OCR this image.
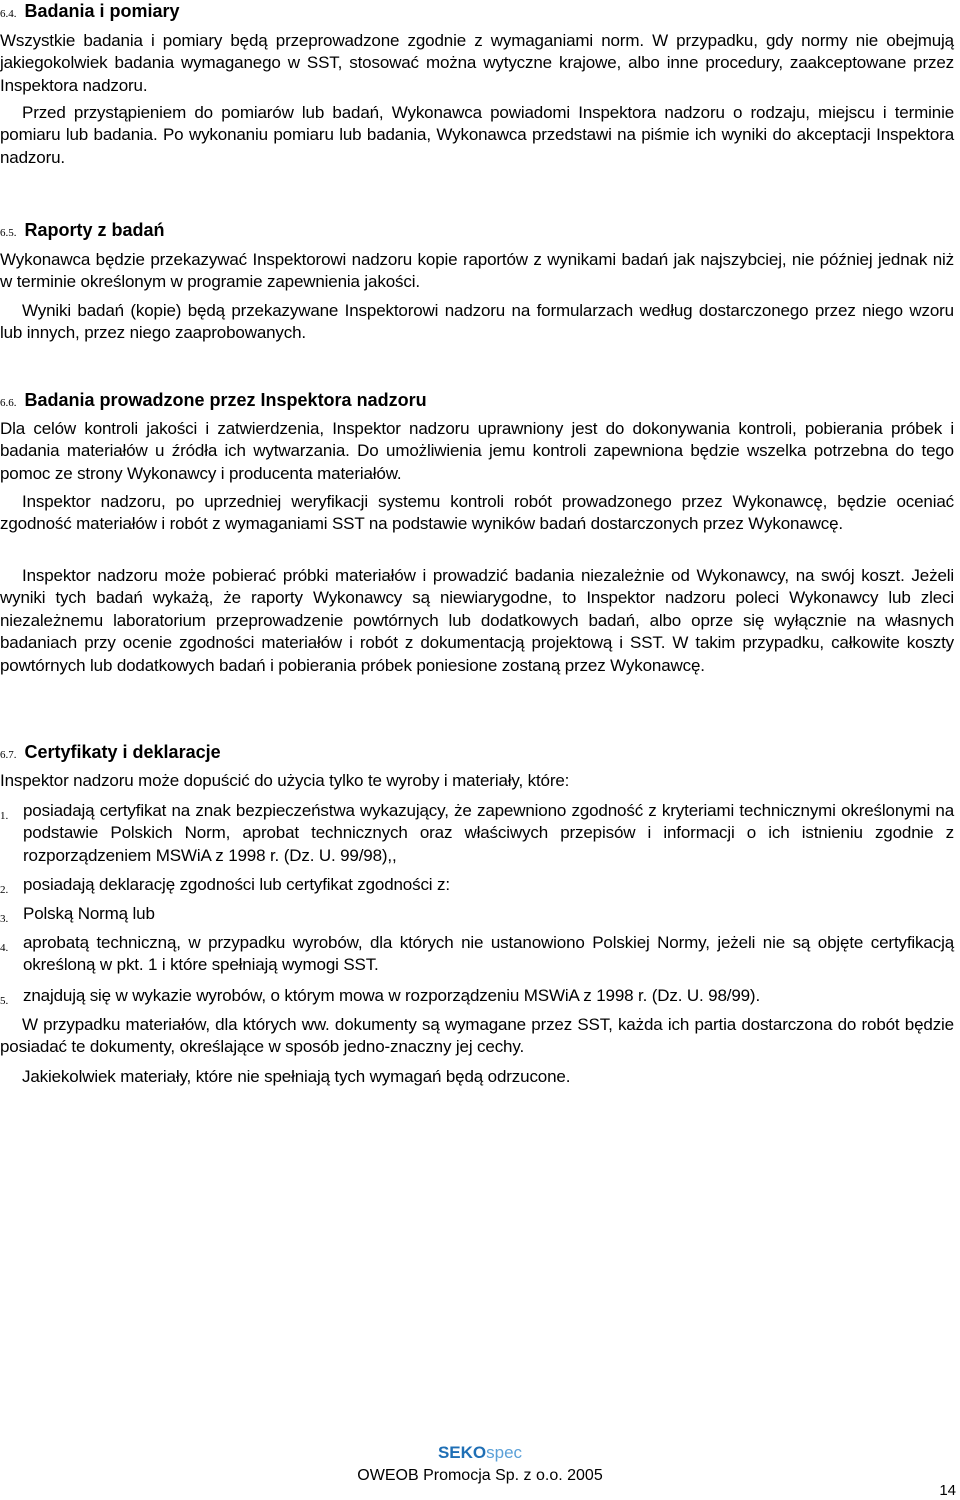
6.4. Badania i pomiary

Wszystkie badania i pomiary będą przeprowadzone zgodnie z wymaganiami norm. W przypadku, gdy normy nie obejmują jakiegokolwiek badania wymaganego w SST, stosować można wytyczne krajowe, albo inne procedury, zaakceptowane przez Inspektora nadzoru.

Przed przystąpieniem do pomiarów lub badań, Wykonawca powiadomi Inspektora nadzoru o rodzaju, miejscu i terminie pomiaru lub badania. Po wykonaniu pomiaru lub badania, Wykonawca przedstawi na piśmie ich wyniki do akceptacji Inspektora nadzoru.

6.5. Raporty z badań

Wykonawca będzie przekazywać Inspektorowi nadzoru kopie raportów z wynikami badań jak najszybciej, nie później jednak niż w terminie określonym w programie zapewnienia jakości.

Wyniki badań (kopie) będą przekazywane Inspektorowi nadzoru na formularzach według dostarczonego przez niego wzoru lub innych, przez niego zaaprobowanych.

6.6. Badania prowadzone przez Inspektora nadzoru

Dla celów kontroli jakości i zatwierdzenia, Inspektor nadzoru uprawniony jest do dokonywania kontroli, pobierania próbek i badania materiałów u źródła ich wytwarzania. Do umożliwienia jemu kontroli zapewniona będzie wszelka potrzebna do tego pomoc ze strony Wykonawcy i producenta materiałów.

Inspektor nadzoru, po uprzedniej weryfikacji systemu kontroli robót prowadzonego przez Wykonawcę, będzie oceniać zgodność materiałów i robót z wymaganiami SST na podstawie wyników badań dostarczonych przez Wykonawcę.

Inspektor nadzoru może pobierać próbki materiałów i prowadzić badania niezależnie od Wykonawcy, na swój koszt. Jeżeli wyniki tych badań wykażą, że raporty Wykonawcy są niewiarygodne, to Inspektor nadzoru poleci Wykonawcy lub zleci niezależnemu laboratorium przeprowadzenie powtórnych lub dodatkowych badań, albo oprze się wyłącznie na własnych badaniach przy ocenie zgodności materiałów i robót z dokumentacją projektową i SST. W takim przypadku, całkowite koszty powtórnych lub dodatkowych badań i pobierania próbek poniesione zostaną przez Wykonawcę.

6.7. Certyfikaty i deklaracje

Inspektor nadzoru może dopuścić do użycia tylko te wyroby i materiały, które:

1. posiadają certyfikat na znak bezpieczeństwa wykazujący, że zapewniono zgodność z kryteriami technicznymi określonymi na podstawie Polskich Norm, aprobat technicznych oraz właściwych przepisów i informacji o ich istnieniu zgodnie z rozporządzeniem MSWiA z 1998 r. (Dz. U. 99/98),,

2. posiadają deklarację zgodności lub certyfikat zgodności z:

3. Polską Normą lub

4. aprobatą techniczną, w przypadku wyrobów, dla których nie ustanowiono Polskiej Normy, jeżeli nie są objęte certyfikacją określoną w pkt. 1 i które spełniają wymogi SST.

5. znajdują się w wykazie wyrobów, o którym mowa w rozporządzeniu MSWiA z 1998 r. (Dz. U. 98/99).

W przypadku materiałów, dla których ww. dokumenty są wymagane przez SST, każda ich partia dostarczona do robót będzie posiadać te dokumenty, określające w sposób jedno-znaczny jej cechy.

Jakiekolwiek materiały, które nie spełniają tych wymagań będą odrzucone.

SEKOspec
OWEOB Promocja Sp. z o.o. 2005
14
